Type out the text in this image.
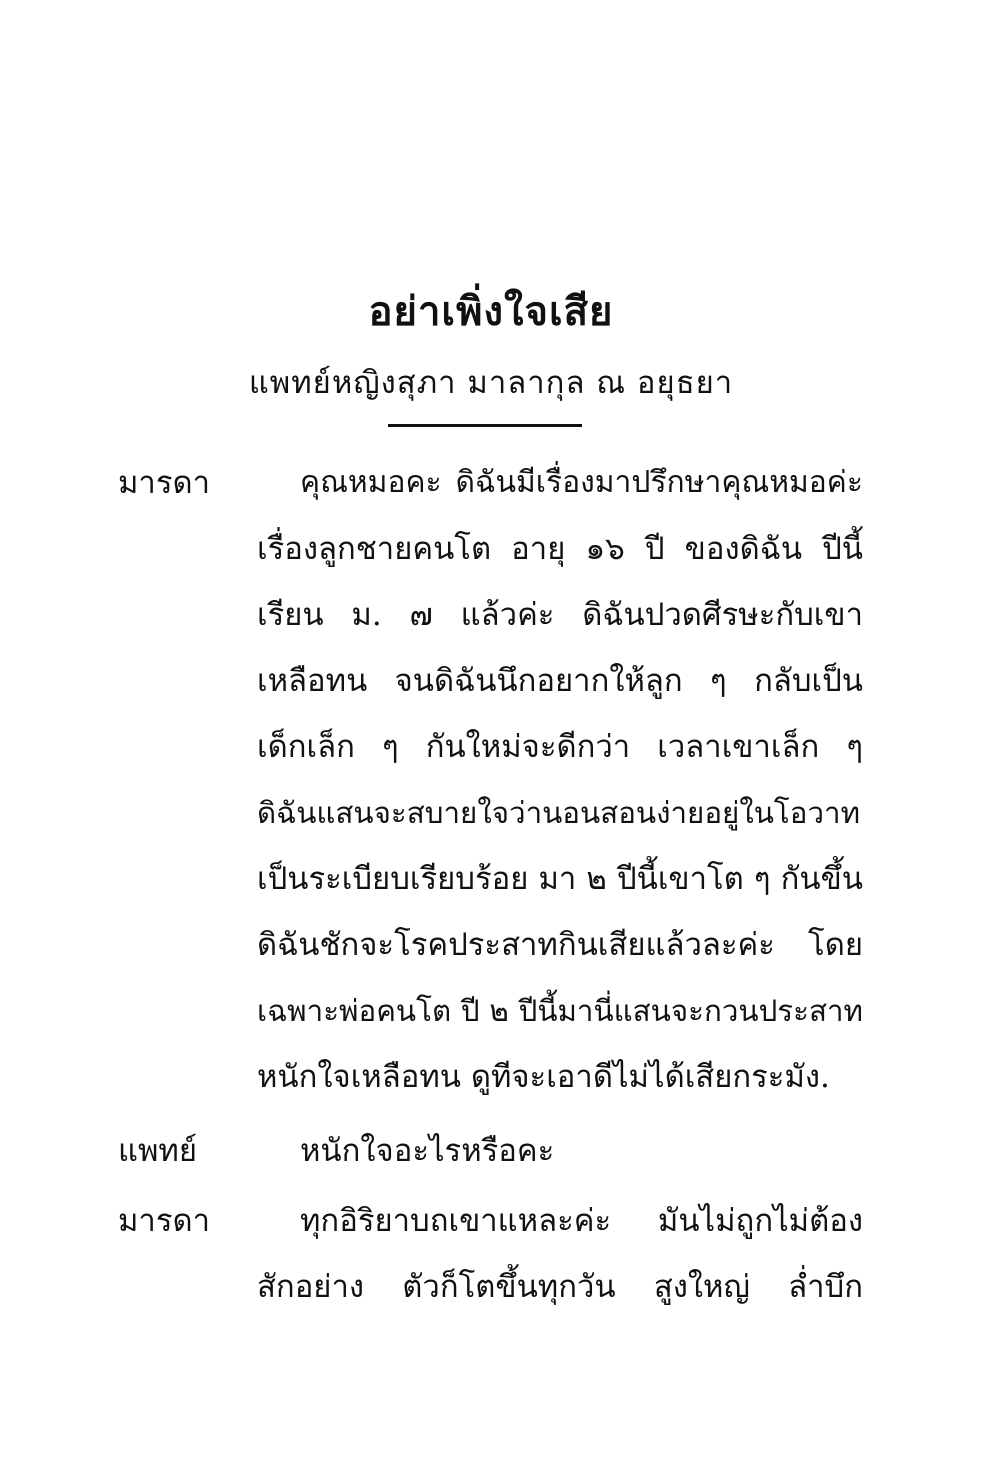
อย่าเพิ่งใจเสีย
แพทย์หญิงสุภา มาลากุล ณ อยุธยา
มารดา	คุณหมอคะ ดิฉันมีเรื่องมาปรึกษาคุณหมอค่ะ
เรื่องลูกชายคนโต อายุ ๑๖ ปี ของดิฉัน ปีนี้
เรียน ม. ๗ แล้วค่ะ ดิฉันปวดศีรษะกับเขา
เหลือทน จนดิฉันนึกอยากให้ลูก ๆ กลับเป็น
เด็กเล็ก ๆ กันใหม่จะดีกว่า เวลาเขาเล็ก ๆ
ดิฉันแสนจะสบายใจว่านอนสอนง่ายอยู่ในโอวาท
เป็นระเบียบเรียบร้อย มา ๒ ปีนี้เขาโต ๆ กันขึ้น
ดิฉันชักจะโรคประสาทกินเสียแล้วละค่ะ โดย
เฉพาะพ่อคนโต ปี ๒ ปีนี้มานี่แสนจะกวนประสาท
หนักใจเหลือทน ดูทีจะเอาดีไม่ได้เสียกระมัง.
แพทย์	หนักใจอะไรหรือคะ
มารดา	ทุกอิริยาบถเขาแหละค่ะ มันไม่ถูกไม่ต้อง
สักอย่าง ตัวก็โตขึ้นทุกวัน สูงใหญ่ ล่ำบึก
